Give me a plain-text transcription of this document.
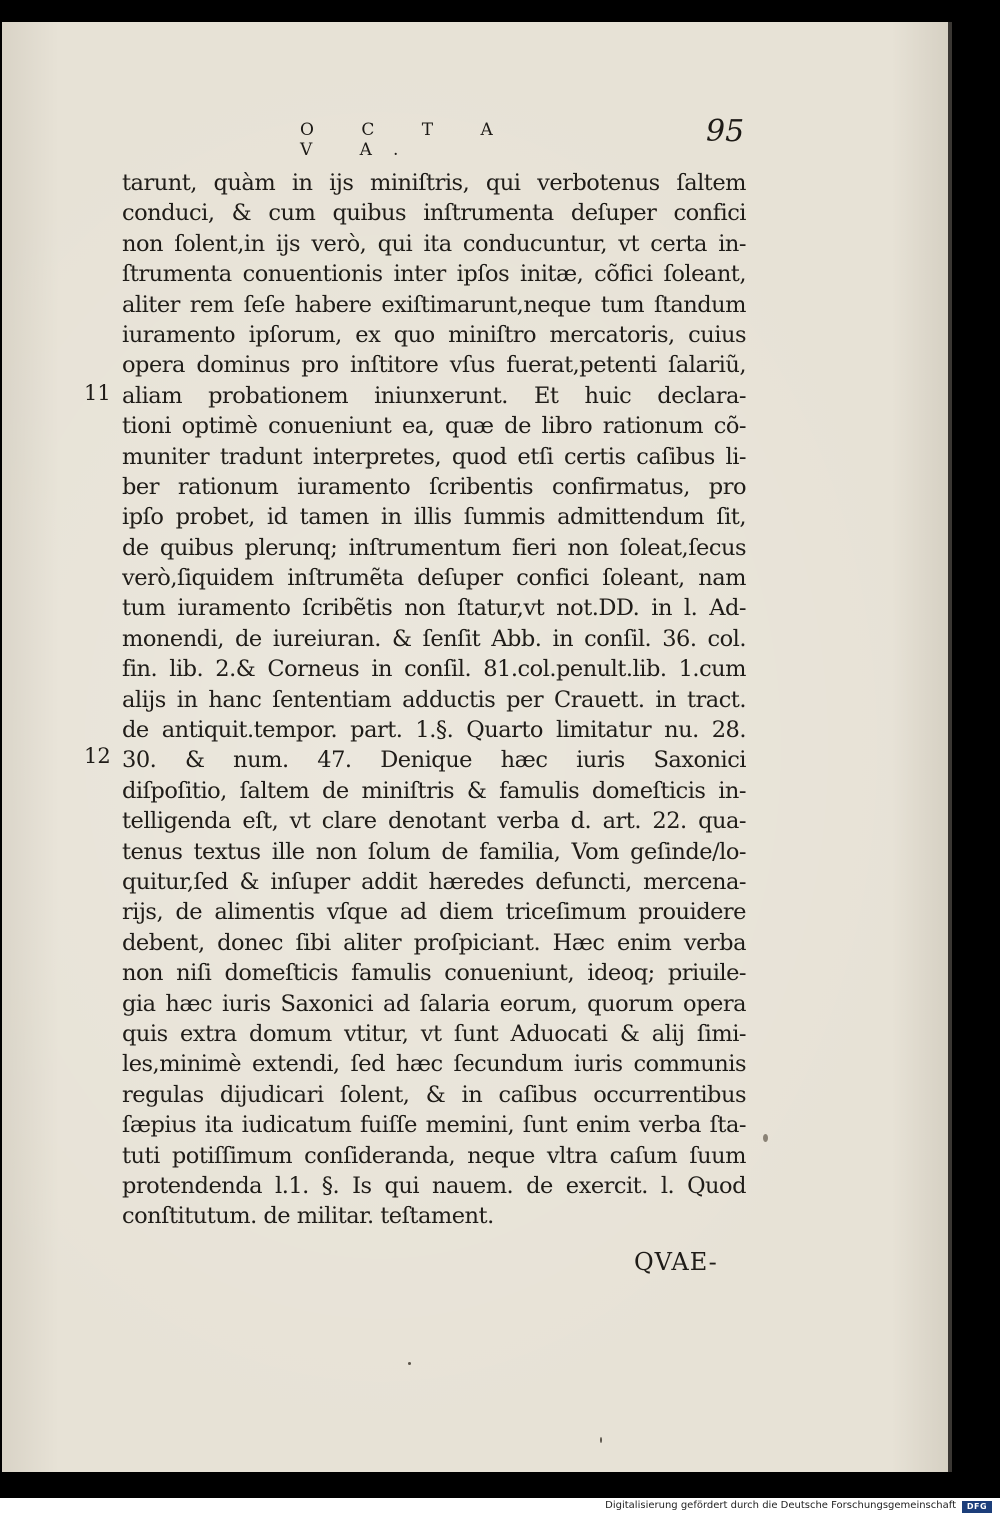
O C T A V A.
95
11
12
tarunt, quàm in ijs miniſtris, qui verbotenus ſaltem
conduci, & cum quibus inſtrumenta deſuper confici
non ſolent,in ijs verò, qui ita conducuntur, vt certa in-
ſtrumenta conuentionis inter ipſos initæ, cõfici ſoleant,
aliter rem ſeſe habere exiſtimarunt,neque tum ſtandum
iuramento ipſorum, ex quo miniſtro mercatoris, cuius
opera dominus pro inſtitore vſus fuerat,petenti ſalariũ,
aliam probationem iniunxerunt. Et huic declara-
tioni optimè conueniunt ea, quæ de libro rationum cõ-
muniter tradunt interpretes, quod etſi certis caſibus li-
ber rationum iuramento ſcribentis confirmatus, pro
ipſo probet, id tamen in illis ſummis admittendum ſit,
de quibus plerunq; inſtrumentum fieri non ſoleat,ſecus
verò,ſiquidem inſtrumẽta deſuper confici ſoleant, nam
tum iuramento ſcribẽtis non ſtatur,vt not.DD. in l. Ad-
monendi, de iureiuran. & ſenſit Abb. in conſil. 36. col.
fin. lib. 2.& Corneus in conſil. 81.col.penult.lib. 1.cum
alijs in hanc ſententiam adductis per Crauett. in tract.
de antiquit.tempor. part. 1.§. Quarto limitatur nu. 28.
30. & num. 47. Denique hæc iuris Saxonici
diſpoſitio, ſaltem de miniſtris & famulis domeſticis in-
telligenda eſt, vt clare denotant verba d. art. 22. qua-
tenus textus ille non ſolum de familia, Vom geſinde/lo-
quitur,ſed & inſuper addit hæredes defuncti, mercena-
rijs, de alimentis vſque ad diem triceſimum prouidere
debent, donec ſibi aliter proſpiciant. Hæc enim verba
non niſi domeſticis famulis conueniunt, ideoq; priuile-
gia hæc iuris Saxonici ad ſalaria eorum, quorum opera
quis extra domum vtitur, vt ſunt Aduocati & alij ſimi-
les,minimè extendi, ſed hæc ſecundum iuris communis
regulas dijudicari ſolent, & in caſibus occurrentibus
ſæpius ita iudicatum fuiſſe memini, ſunt enim verba ſta-
tuti potiſſimum conſideranda, neque vltra caſum ſuum
protendenda l.1. §. Is qui nauem. de exercit. l. Quod
conſtitutum. de militar. teſtament.
QVAE-
Digitalisierung gefördert durch die Deutsche Forschungsgemeinschaft	DFG
